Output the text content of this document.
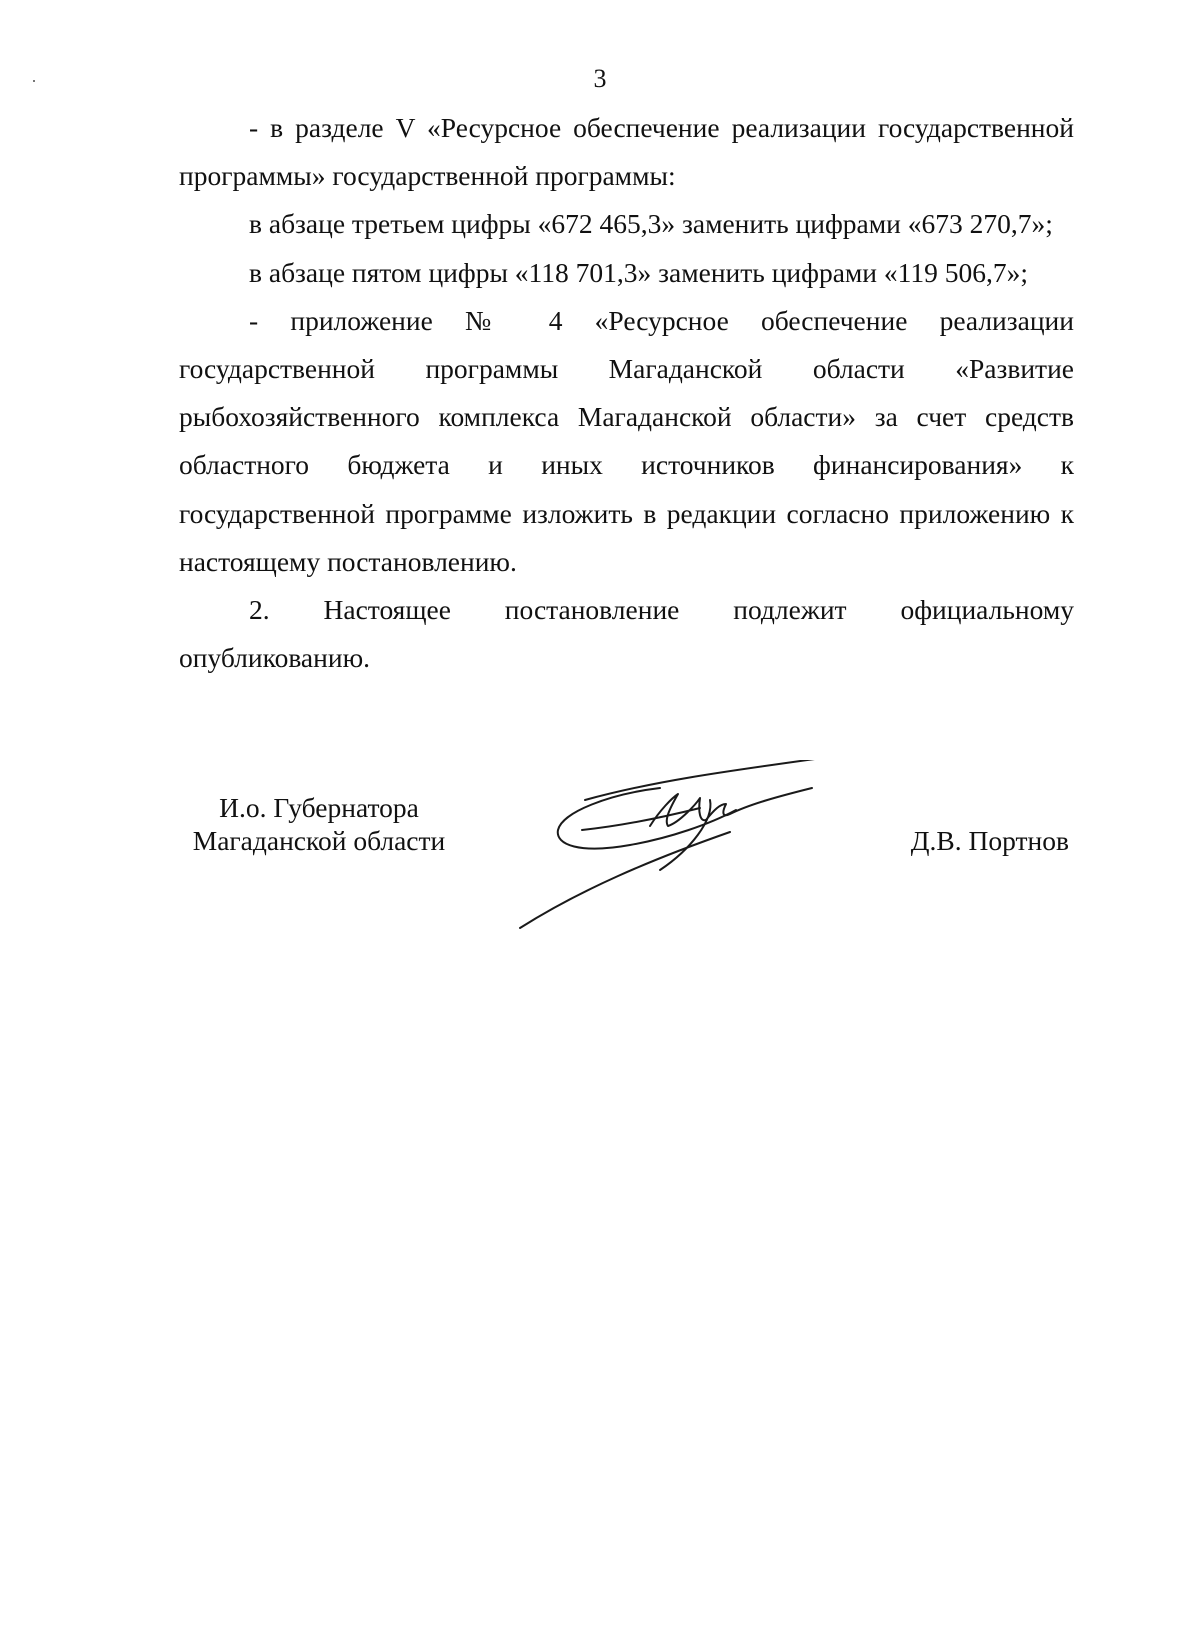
3

- в разделе V «Ресурсное обеспечение реализации государственной программы» государственной программы:

в абзаце третьем цифры «672 465,3» заменить цифрами «673 270,7»;

в абзаце пятом цифры «118 701,3» заменить цифрами «119 506,7»;

- приложение № 4 «Ресурсное обеспечение реализации государственной программы Магаданской области «Развитие рыбохозяйственного комплекса Магаданской области» за счет средств областного бюджета и иных источников финансирования» к государственной программе изложить в редакции согласно приложению к настоящему постановлению.

2. Настоящее постановление подлежит официальному опубликованию.

И.о. Губернатора
Магаданской области	Д.В. Портнов
